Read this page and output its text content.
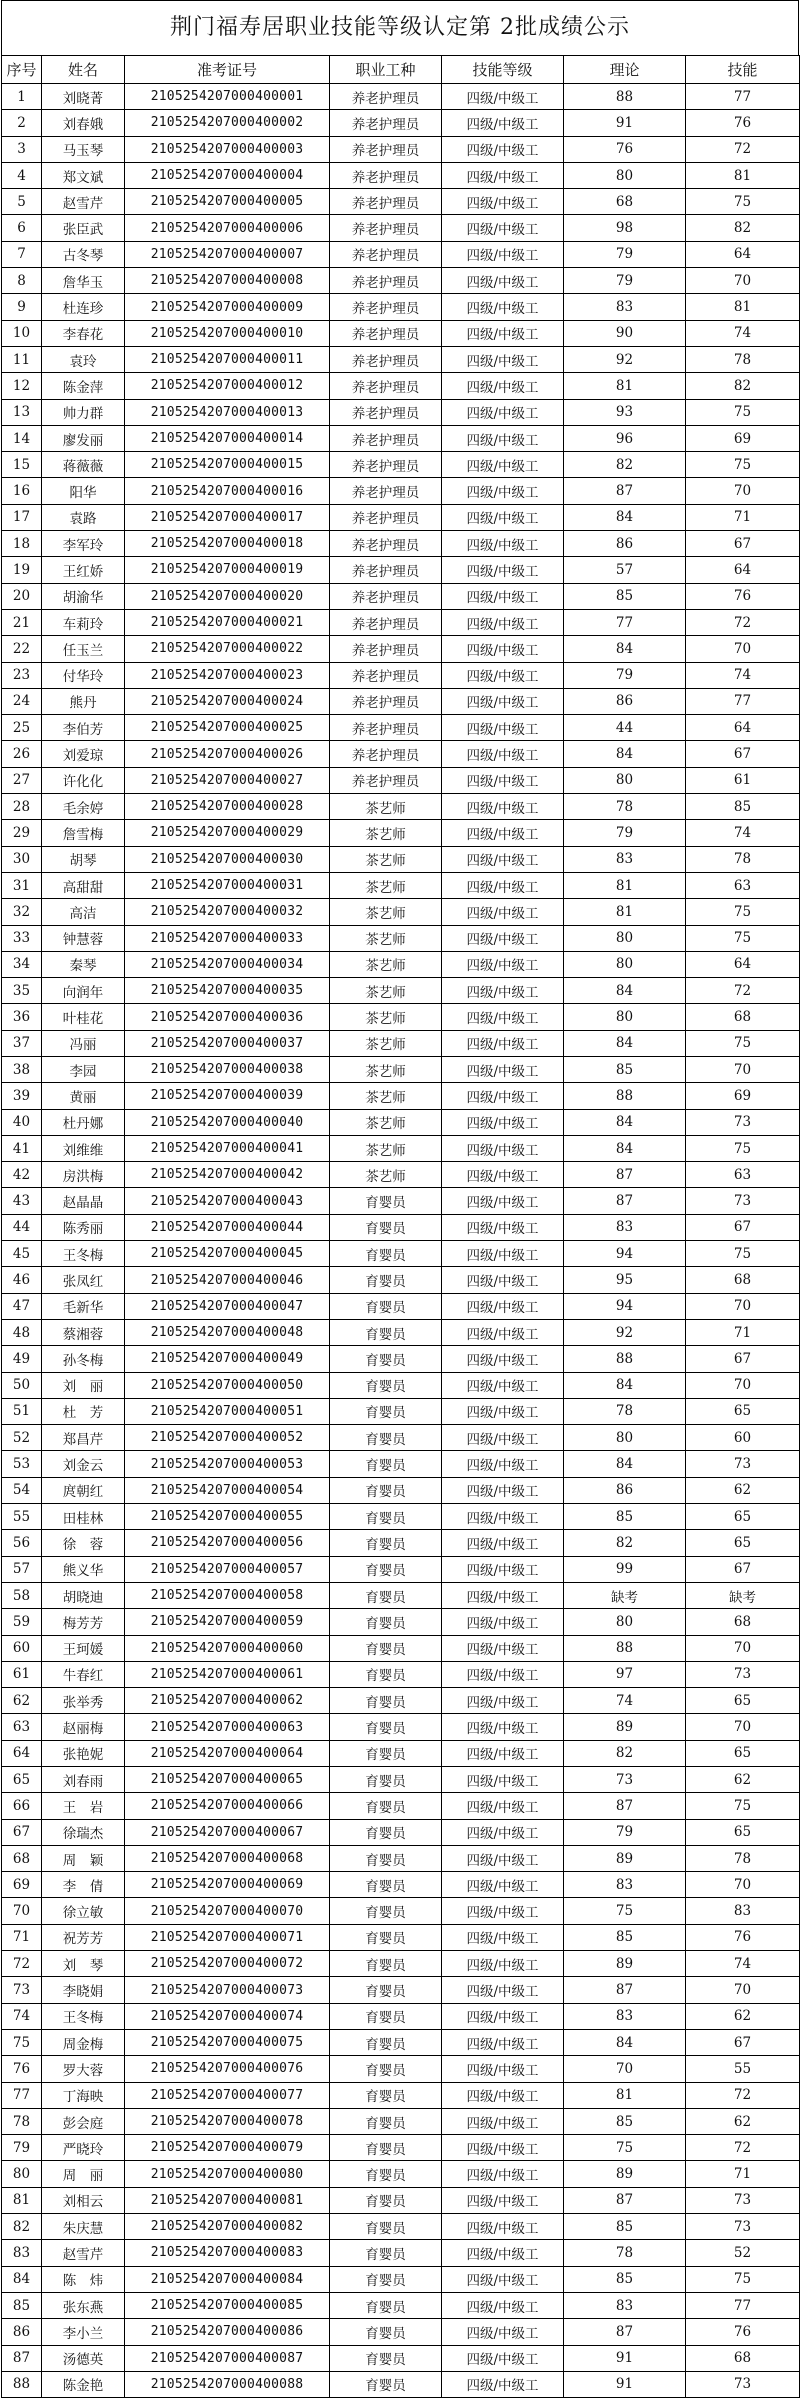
荆门福寿居职业技能等级认定第 2批成绩公示
序号	姓名	准考证号	职业工种	技能等级	理论	技能
1	刘晓菁	2105254207000400001	养老护理员	四级/中级工	88	77
2	刘春娥	2105254207000400002	养老护理员	四级/中级工	91	76
3	马玉琴	2105254207000400003	养老护理员	四级/中级工	76	72
4	郑文斌	2105254207000400004	养老护理员	四级/中级工	80	81
5	赵雪芹	2105254207000400005	养老护理员	四级/中级工	68	75
6	张臣武	2105254207000400006	养老护理员	四级/中级工	98	82
7	古冬琴	2105254207000400007	养老护理员	四级/中级工	79	64
8	詹华玉	2105254207000400008	养老护理员	四级/中级工	79	70
9	杜连珍	2105254207000400009	养老护理员	四级/中级工	83	81
10	李春花	2105254207000400010	养老护理员	四级/中级工	90	74
11	袁玲	2105254207000400011	养老护理员	四级/中级工	92	78
12	陈金萍	2105254207000400012	养老护理员	四级/中级工	81	82
13	帅力群	2105254207000400013	养老护理员	四级/中级工	93	75
14	廖发丽	2105254207000400014	养老护理员	四级/中级工	96	69
15	蒋薇薇	2105254207000400015	养老护理员	四级/中级工	82	75
16	阳华	2105254207000400016	养老护理员	四级/中级工	87	70
17	袁路	2105254207000400017	养老护理员	四级/中级工	84	71
18	李军玲	2105254207000400018	养老护理员	四级/中级工	86	67
19	王红娇	2105254207000400019	养老护理员	四级/中级工	57	64
20	胡渝华	2105254207000400020	养老护理员	四级/中级工	85	76
21	车莉玲	2105254207000400021	养老护理员	四级/中级工	77	72
22	任玉兰	2105254207000400022	养老护理员	四级/中级工	84	70
23	付华玲	2105254207000400023	养老护理员	四级/中级工	79	74
24	熊丹	2105254207000400024	养老护理员	四级/中级工	86	77
25	李伯芳	2105254207000400025	养老护理员	四级/中级工	44	64
26	刘爱琼	2105254207000400026	养老护理员	四级/中级工	84	67
27	许化化	2105254207000400027	养老护理员	四级/中级工	80	61
28	毛余婷	2105254207000400028	茶艺师	四级/中级工	78	85
29	詹雪梅	2105254207000400029	茶艺师	四级/中级工	79	74
30	胡琴	2105254207000400030	茶艺师	四级/中级工	83	78
31	高甜甜	2105254207000400031	茶艺师	四级/中级工	81	63
32	高洁	2105254207000400032	茶艺师	四级/中级工	81	75
33	钟慧蓉	2105254207000400033	茶艺师	四级/中级工	80	75
34	秦琴	2105254207000400034	茶艺师	四级/中级工	80	64
35	向润年	2105254207000400035	茶艺师	四级/中级工	84	72
36	叶桂花	2105254207000400036	茶艺师	四级/中级工	80	68
37	冯丽	2105254207000400037	茶艺师	四级/中级工	84	75
38	李园	2105254207000400038	茶艺师	四级/中级工	85	70
39	黄丽	2105254207000400039	茶艺师	四级/中级工	88	69
40	杜丹娜	2105254207000400040	茶艺师	四级/中级工	84	73
41	刘维维	2105254207000400041	茶艺师	四级/中级工	84	75
42	房洪梅	2105254207000400042	茶艺师	四级/中级工	87	63
43	赵晶晶	2105254207000400043	育婴员	四级/中级工	87	73
44	陈秀丽	2105254207000400044	育婴员	四级/中级工	83	67
45	王冬梅	2105254207000400045	育婴员	四级/中级工	94	75
46	张凤红	2105254207000400046	育婴员	四级/中级工	95	68
47	毛新华	2105254207000400047	育婴员	四级/中级工	94	70
48	蔡湘蓉	2105254207000400048	育婴员	四级/中级工	92	71
49	孙冬梅	2105254207000400049	育婴员	四级/中级工	88	67
50	刘　丽	2105254207000400050	育婴员	四级/中级工	84	70
51	杜　芳	2105254207000400051	育婴员	四级/中级工	78	65
52	郑昌芹	2105254207000400052	育婴员	四级/中级工	80	60
53	刘金云	2105254207000400053	育婴员	四级/中级工	84	73
54	庹朝红	2105254207000400054	育婴员	四级/中级工	86	62
55	田桂林	2105254207000400055	育婴员	四级/中级工	85	65
56	徐　蓉	2105254207000400056	育婴员	四级/中级工	82	65
57	熊义华	2105254207000400057	育婴员	四级/中级工	99	67
58	胡晓迪	2105254207000400058	育婴员	四级/中级工	缺考	缺考
59	梅芳芳	2105254207000400059	育婴员	四级/中级工	80	68
60	王珂媛	2105254207000400060	育婴员	四级/中级工	88	70
61	牛春红	2105254207000400061	育婴员	四级/中级工	97	73
62	张举秀	2105254207000400062	育婴员	四级/中级工	74	65
63	赵丽梅	2105254207000400063	育婴员	四级/中级工	89	70
64	张艳妮	2105254207000400064	育婴员	四级/中级工	82	65
65	刘春雨	2105254207000400065	育婴员	四级/中级工	73	62
66	王　岩	2105254207000400066	育婴员	四级/中级工	87	75
67	徐瑞杰	2105254207000400067	育婴员	四级/中级工	79	65
68	周　颖	2105254207000400068	育婴员	四级/中级工	89	78
69	李　倩	2105254207000400069	育婴员	四级/中级工	83	70
70	徐立敏	2105254207000400070	育婴员	四级/中级工	75	83
71	祝芳芳	2105254207000400071	育婴员	四级/中级工	85	76
72	刘　琴	2105254207000400072	育婴员	四级/中级工	89	74
73	李晓娟	2105254207000400073	育婴员	四级/中级工	87	70
74	王冬梅	2105254207000400074	育婴员	四级/中级工	83	62
75	周金梅	2105254207000400075	育婴员	四级/中级工	84	67
76	罗大蓉	2105254207000400076	育婴员	四级/中级工	70	55
77	丁海映	2105254207000400077	育婴员	四级/中级工	81	72
78	彭会庭	2105254207000400078	育婴员	四级/中级工	85	62
79	严晓玲	2105254207000400079	育婴员	四级/中级工	75	72
80	周　丽	2105254207000400080	育婴员	四级/中级工	89	71
81	刘相云	2105254207000400081	育婴员	四级/中级工	87	73
82	朱庆慧	2105254207000400082	育婴员	四级/中级工	85	73
83	赵雪芹	2105254207000400083	育婴员	四级/中级工	78	52
84	陈　炜	2105254207000400084	育婴员	四级/中级工	85	75
85	张东燕	2105254207000400085	育婴员	四级/中级工	83	77
86	李小兰	2105254207000400086	育婴员	四级/中级工	87	76
87	汤德英	2105254207000400087	育婴员	四级/中级工	91	68
88	陈金艳	2105254207000400088	育婴员	四级/中级工	91	73
